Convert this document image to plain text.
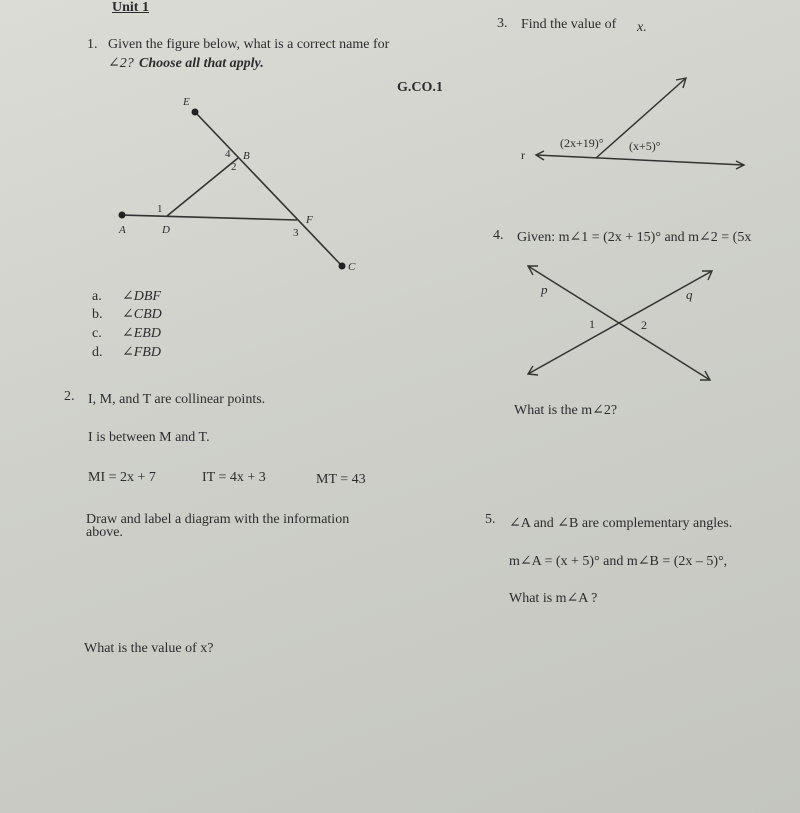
Unit 1
G.CO.1
1. Given the figure below, what is a correct name for
∠2? Choose all that apply.
E
B
4
2
1
A	D
F
3
C
a. ∠DBF
b. ∠CBD
c. ∠EBD
d. ∠FBD
2. I, M, and T are collinear points.
I is between M and T.
MI = 2x + 7	IT = 4x + 3	MT = 43
Draw and label a diagram with the information
above.
What is the value of x?
3. Find the value of x.
r
(2x+19)° (x+5)°
4. Given: m∠1 = (2x + 15)° and m∠2 = (5x
p	q
1	2
What is the m∠2?
5. ∠A and ∠B are complementary angles.
m∠A = (x + 5)° and m∠B = (2x – 5)°,
What is m∠A ?
